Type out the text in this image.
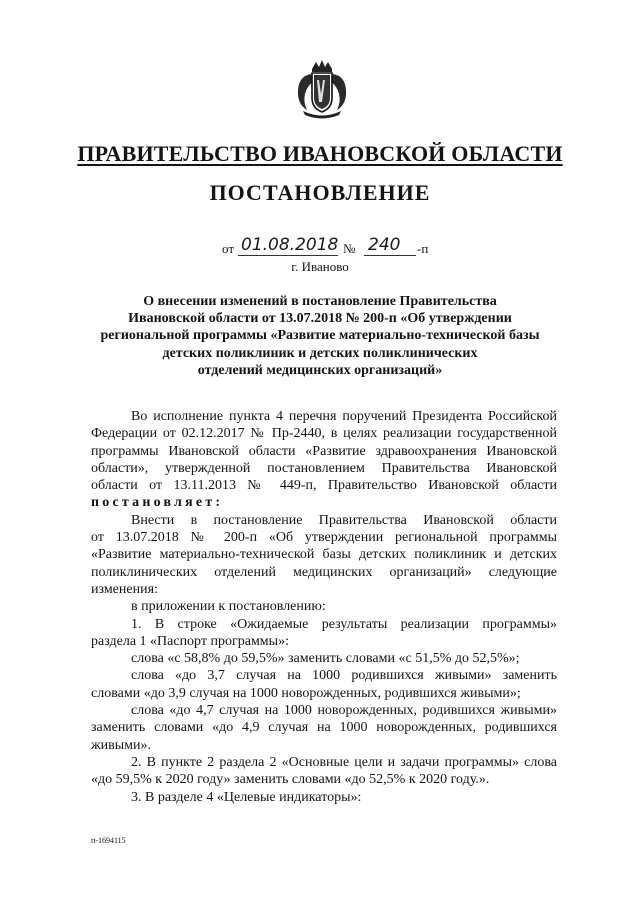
ПРАВИТЕЛЬСТВО ИВАНОВСКОЙ ОБЛАСТИ
ПОСТАНОВЛЕНИЕ
от 01.08.2018 № 240 -п
г. Иваново
О внесении изменений в постановление Правительства
Ивановской области от 13.07.2018 № 200-п «Об утверждении
региональной программы «Развитие материально-технической базы
детских поликлиник и детских поликлинических
отделений медицинских организаций»
Во исполнение пункта 4 перечня поручений Президента Российской
Федерации от 02.12.2017 № Пр-2440, в целях реализации государственной
программы Ивановской области «Развитие здравоохранения Ивановской
области», утвержденной постановлением Правительства Ивановской
области от 13.11.2013 № 449-п, Правительство Ивановской области
постановляет:
Внести в постановление Правительства Ивановской области
от 13.07.2018 № 200-п «Об утверждении региональной программы
«Развитие материально-технической базы детских поликлиник и детских
поликлинических отделений медицинских организаций» следующие
изменения:
в приложении к постановлению:
1. В строке «Ожидаемые результаты реализации программы»
раздела 1 «Паспорт программы»:
слова «с 58,8% до 59,5%» заменить словами «с 51,5% до 52,5%»;
слова «до 3,7 случая на 1000 родившихся живыми» заменить
словами «до 3,9 случая на 1000 новорожденных, родившихся живыми»;
слова «до 4,7 случая на 1000 новорожденных, родившихся живыми»
заменить словами «до 4,9 случая на 1000 новорожденных, родившихся
живыми».
2. В пункте 2 раздела 2 «Основные цели и задачи программы» слова
«до 59,5% к 2020 году» заменить словами «до 52,5% к 2020 году.».
3. В разделе 4 «Целевые индикаторы»:
п-1694115
